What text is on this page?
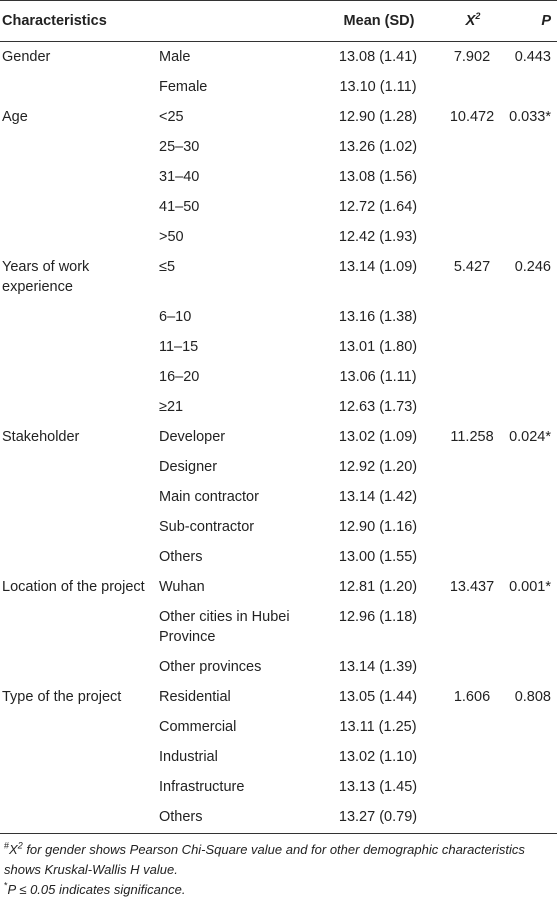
Characteristics		Mean (SD)	$X^2$	P
Gender	Male	13.08 (1.41)	7.902	0.443
	Female	13.10 (1.11)		
Age	<25	12.90 (1.28)	10.472	0.033*
	25–30	13.26 (1.02)		
	31–40	13.08 (1.56)		
	41–50	12.72 (1.64)		
	>50	12.42 (1.93)		
Years of work experience	≤5	13.14 (1.09)	5.427	0.246
	6–10	13.16 (1.38)		
	11–15	13.01 (1.80)		
	16–20	13.06 (1.11)		
	≥21	12.63 (1.73)		
Stakeholder	Developer	13.02 (1.09)	11.258	0.024*
	Designer	12.92 (1.20)		
	Main contractor	13.14 (1.42)		
	Sub-contractor	12.90 (1.16)		
	Others	13.00 (1.55)		
Location of the project	Wuhan	12.81 (1.20)	13.437	0.001*
	Other cities in Hubei Province	12.96 (1.18)		
	Other provinces	13.14 (1.39)		
Type of the project	Residential	13.05 (1.44)	1.606	0.808
	Commercial	13.11 (1.25)		
	Industrial	13.02 (1.10)		
	Infrastructure	13.13 (1.45)		
	Others	13.27 (0.79)		
$^{\#}X^2$ for gender shows Pearson Chi-Square value and for other demographic characteristics shows Kruskal-Wallis H value.
*P ≤ 0.05 indicates significance.
